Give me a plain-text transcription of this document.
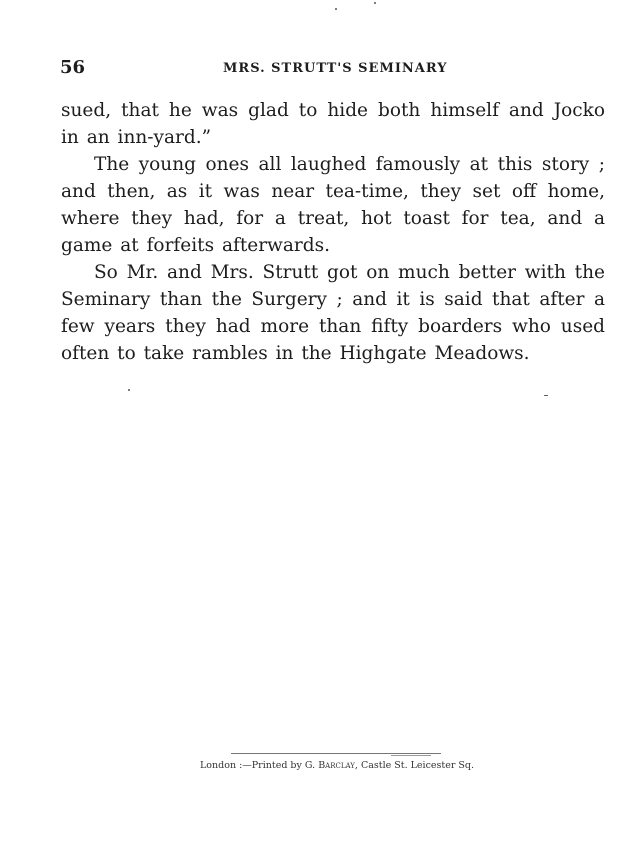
56	MRS. STRUTT'S SEMINARY

sued, that he was glad to hide both himself and Jocko in an inn-yard.”

The young ones all laughed famously at this story ; and then, as it was near tea-time, they set off home, where they had, for a treat, hot toast for tea, and a game at forfeits afterwards.

So Mr. and Mrs. Strutt got on much better with the Seminary than the Surgery ; and it is said that after a few years they had more than fifty boarders who used often to take rambles in the Highgate Meadows.

London :—Printed by G. Barclay, Castle St. Leicester Sq.
